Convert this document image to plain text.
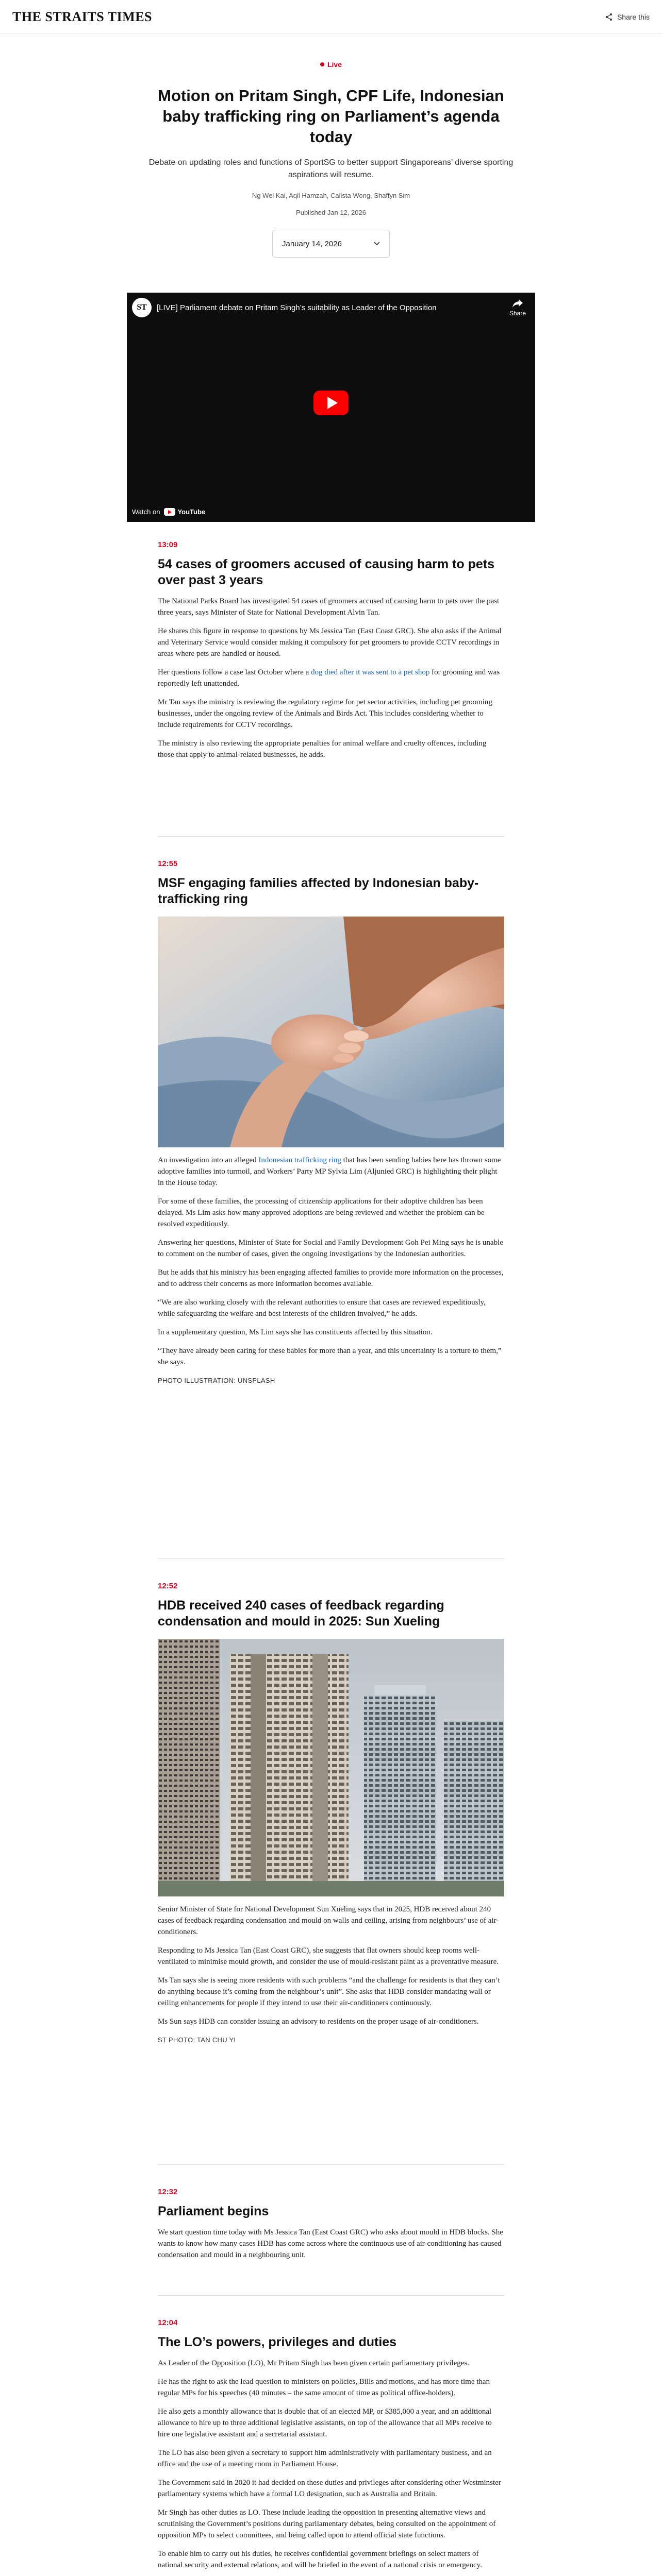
THE STRAITS TIMES	Share this
Live
Motion on Pritam Singh, CPF Life, Indonesian baby trafficking ring on Parliament’s agenda today

Debate on updating roles and functions of SportSG to better support Singaporeans’ diverse sporting aspirations will resume.

Ng Wei Kai, Aqil Hamzah, Calista Wong, Shaffyn Sim

Published Jan 12, 2026

January 14, 2026
ST	[LIVE] Parliament debate on Pritam Singh’s suitability as Leader of the Opposition
Share
Watch on	YouTube
13:09
54 cases of groomers accused of causing harm to pets over past 3 years

The National Parks Board has investigated 54 cases of groomers accused of causing harm to pets over the past three years, says Minister of State for National Development Alvin Tan.

He shares this figure in response to questions by Ms Jessica Tan (East Coast GRC). She also asks if the Animal and Veterinary Service would consider making it compulsory for pet groomers to provide CCTV recordings in areas where pets are handled or housed.

Her questions follow a case last October where a dog died after it was sent to a pet shop for grooming and was reportedly left unattended.

Mr Tan says the ministry is reviewing the regulatory regime for pet sector activities, including pet grooming businesses, under the ongoing review of the Animals and Birds Act. This includes considering whether to include requirements for CCTV recordings.

The ministry is also reviewing the appropriate penalties for animal welfare and cruelty offences, including those that apply to animal-related businesses, he adds.

12:55
MSF engaging families affected by Indonesian baby-trafficking ring

An investigation into an alleged Indonesian trafficking ring that has been sending babies here has thrown some adoptive families into turmoil, and Workers’ Party MP Sylvia Lim (Aljunied GRC) is highlighting their plight in the House today.

For some of these families, the processing of citizenship applications for their adoptive children has been delayed. Ms Lim asks how many approved adoptions are being reviewed and whether the problem can be resolved expeditiously.

Answering her questions, Minister of State for Social and Family Development Goh Pei Ming says he is unable to comment on the number of cases, given the ongoing investigations by the Indonesian authorities.

But he adds that his ministry has been engaging affected families to provide more information on the processes, and to address their concerns as more information becomes available.

“We are also working closely with the relevant authorities to ensure that cases are reviewed expeditiously, while safeguarding the welfare and best interests of the children involved,” he adds.

In a supplementary question, Ms Lim says she has constituents affected by this situation.

“They have already been caring for these babies for more than a year, and this uncertainty is a torture to them,” she says.

PHOTO ILLUSTRATION: UNSPLASH

12:52
HDB received 240 cases of feedback regarding condensation and mould in 2025: Sun Xueling

Senior Minister of State for National Development Sun Xueling says that in 2025, HDB received about 240 cases of feedback regarding condensation and mould on walls and ceiling, arising from neighbours’ use of air-conditioners.

Responding to Ms Jessica Tan (East Coast GRC), she suggests that flat owners should keep rooms well-ventilated to minimise mould growth, and consider the use of mould-resistant paint as a preventative measure.

Ms Tan says she is seeing more residents with such problems “and the challenge for residents is that they can’t do anything because it’s coming from the neighbour’s unit”. She asks that HDB consider mandating wall or ceiling enhancements for people if they intend to use their air-conditioners continuously.

Ms Sun says HDB can consider issuing an advisory to residents on the proper usage of air-conditioners.

ST PHOTO: TAN CHU YI

12:32
Parliament begins

We start question time today with Ms Jessica Tan (East Coast GRC) who asks about mould in HDB blocks. She wants to know how many cases HDB has come across where the continuous use of air-conditioning has caused condensation and mould in a neighbouring unit.

12:04
The LO’s powers, privileges and duties

As Leader of the Opposition (LO), Mr Pritam Singh has been given certain parliamentary privileges.

He has the right to ask the lead question to ministers on policies, Bills and motions, and has more time than regular MPs for his speeches (40 minutes – the same amount of time as political office-holders).

He also gets a monthly allowance that is double that of an elected MP, or $385,000 a year, and an additional allowance to hire up to three additional legislative assistants, on top of the allowance that all MPs receive to hire one legislative assistant and a secretarial assistant.

The LO has also been given a secretary to support him administratively with parliamentary business, and an office and the use of a meeting room in Parliament House.

The Government said in 2020 it had decided on these duties and privileges after considering other Westminster parliamentary systems which have a formal LO designation, such as Australia and Britain.

Mr Singh has other duties as LO. These include leading the opposition in presenting alternative views and scrutinising the Government’s positions during parliamentary debates, being consulted on the appointment of opposition MPs to select committees, and being called upon to attend official state functions.

To enable him to carry out his duties, he receives confidential government briefings on select matters of national security and external relations, and will be briefed in the event of a national crisis or emergency.
